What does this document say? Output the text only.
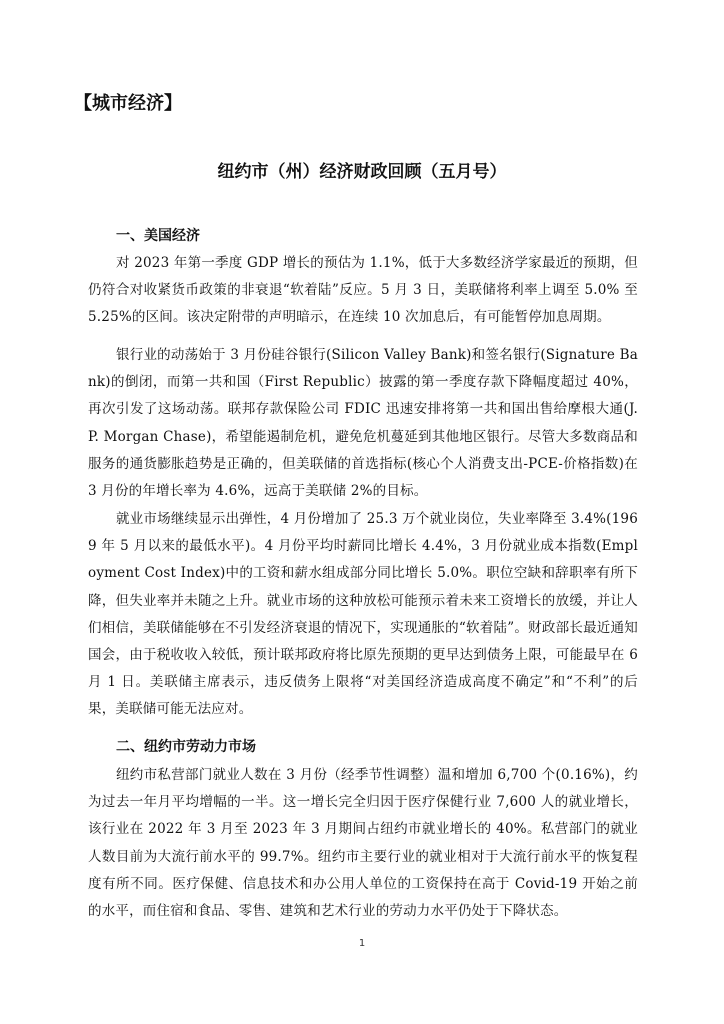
【城市经济】
纽约市（州）经济财政回顾（五月号）
一、美国经济

对 2023 年第一季度 GDP 增长的预估为 1.1%，低于大多数经济学家最近的预期，但仍符合对收紧货币政策的非衰退“软着陆”反应。5 月 3 日，美联储将利率上调至 5.0% 至 5.25%的区间。该决定附带的声明暗示，在连续 10 次加息后，有可能暂停加息周期。

银行业的动荡始于 3 月份硅谷银行(Silicon Valley Bank)和签名银行(Signature Bank)的倒闭，而第一共和国（First Republic）披露的第一季度存款下降幅度超过 40%，再次引发了这场动荡。联邦存款保险公司 FDIC 迅速安排将第一共和国出售给摩根大通(J.P. Morgan Chase)，希望能遏制危机，避免危机蔓延到其他地区银行。尽管大多数商品和服务的通货膨胀趋势是正确的，但美联储的首选指标(核心个人消费支出-PCE-价格指数)在 3 月份的年增长率为 4.6%，远高于美联储 2%的目标。

就业市场继续显示出弹性，4 月份增加了 25.3 万个就业岗位，失业率降至 3.4%(1969 年 5 月以来的最低水平)。4 月份平均时薪同比增长 4.4%，3 月份就业成本指数(Employment Cost Index)中的工资和薪水组成部分同比增长 5.0%。职位空缺和辞职率有所下降，但失业率并未随之上升。就业市场的这种放松可能预示着未来工资增长的放缓，并让人们相信，美联储能够在不引发经济衰退的情况下，实现通胀的“软着陆”。财政部长最近通知国会，由于税收收入较低，预计联邦政府将比原先预期的更早达到债务上限，可能最早在 6 月 1 日。美联储主席表示，违反债务上限将“对美国经济造成高度不确定”和“不利”的后果，美联储可能无法应对。

二、纽约市劳动力市场

纽约市私营部门就业人数在 3 月份（经季节性调整）温和增加 6,700 个(0.16%)，约为过去一年月平均增幅的一半。这一增长完全归因于医疗保健行业 7,600 人的就业增长，该行业在 2022 年 3 月至 2023 年 3 月期间占纽约市就业增长的 40%。私营部门的就业人数目前为大流行前水平的 99.7%。纽约市主要行业的就业相对于大流行前水平的恢复程度有所不同。医疗保健、信息技术和办公用人单位的工资保持在高于 Covid-19 开始之前的水平，而住宿和食品、零售、建筑和艺术行业的劳动力水平仍处于下降状态。

1
